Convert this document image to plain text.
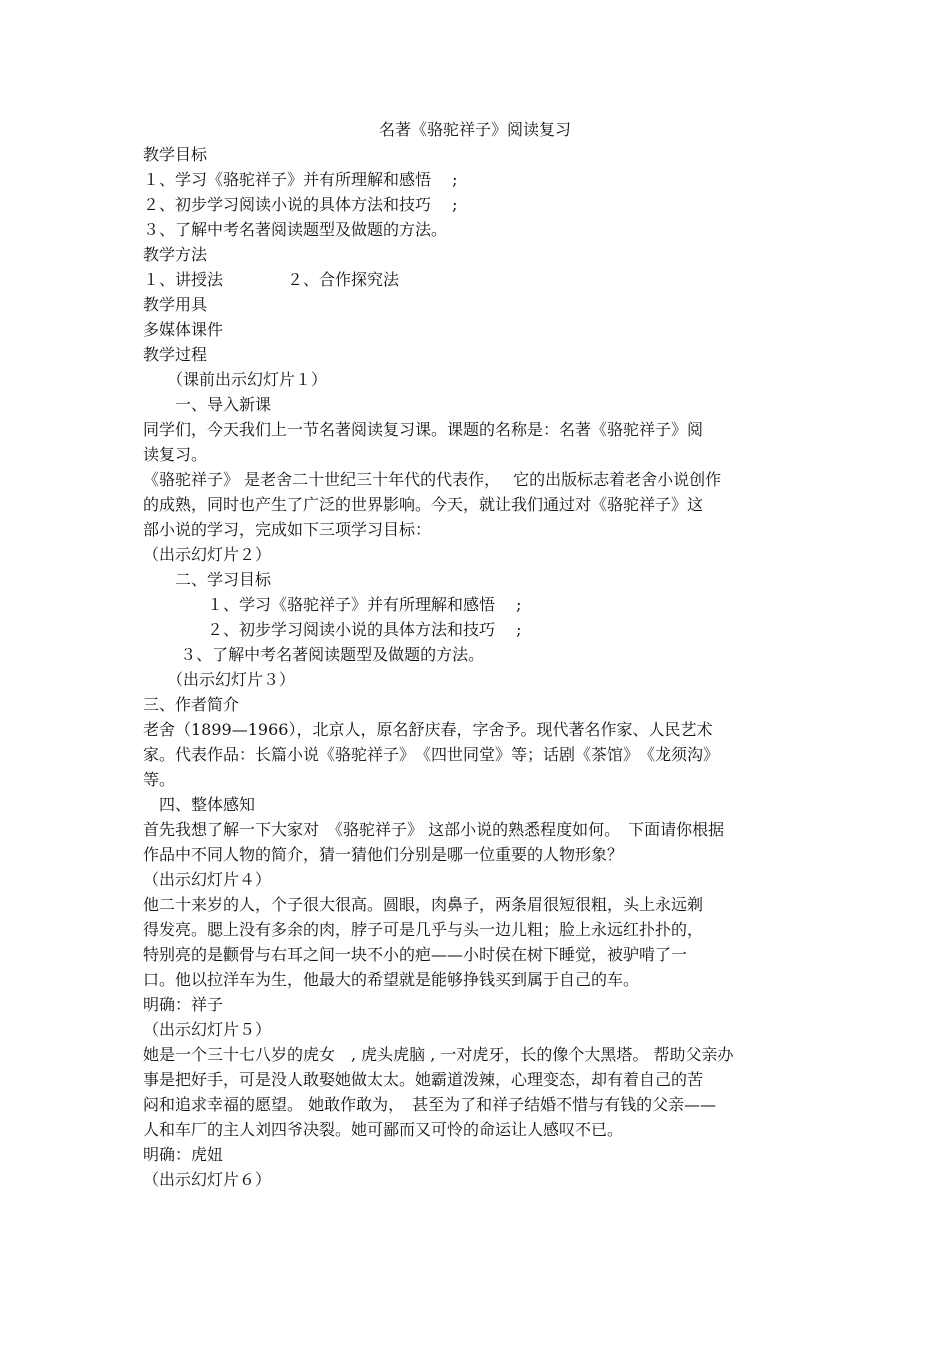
名著《骆驼祥子》阅读复习

教学目标

１、学习《骆驼祥子》并有所理解和感悟　 ;

２、初步学习阅读小说的具体方法和技巧　 ;

３、了解中考名著阅读题型及做题的方法。

教学方法

１、讲授法　　　　２、合作探究法

教学用具

多媒体课件

教学过程

　　（课前出示幻灯片１）

　　一、导入新课

同学们，今天我们上一节名著阅读复习课。课题的名称是：名著《骆驼祥子》阅

读复习。

《骆驼祥子》 是老舍二十世纪三十年代的代表作，　 它的出版标志着老舍小说创作

的成熟，同时也产生了广泛的世界影响。今天，就让我们通过对《骆驼祥子》这

部小说的学习，完成如下三项学习目标：

（出示幻灯片２）

　　二、学习目标

　　　　１、学习《骆驼祥子》并有所理解和感悟　 ;

　　　　２、初步学习阅读小说的具体方法和技巧　 ;

　　 ３、了解中考名著阅读题型及做题的方法。

　　（出示幻灯片３）

三、作者简介

老舍（1899—1966），北京人，原名舒庆春，字舍予。现代著名作家、人民艺术

家。代表作品：长篇小说《骆驼祥子》　《四世同堂》等；话剧《茶馆》　《龙须沟》

等。

　四、整体感知

首先我想了解一下大家对　《骆驼祥子》 这部小说的熟悉程度如何。　下面请你根据

作品中不同人物的简介，猜一猜他们分别是哪一位重要的人物形象？

（出示幻灯片４）

他二十来岁的人，个子很大很高。圆眼，肉鼻子，两条眉很短很粗，头上永远剃

得发亮。腮上没有多余的肉，脖子可是几乎与头一边儿粗；脸上永远红扑扑的，

特别亮的是颧骨与右耳之间一块不小的疤——小时侯在树下睡觉，被驴啃了一

口。他以拉洋车为生，他最大的希望就是能够挣钱买到属于自己的车。

明确：祥子

（出示幻灯片５）

她是一个三十七八岁的虎女　, 虎头虎脑 , 一对虎牙，长的像个大黑塔。 帮助父亲办

事是把好手，可是没人敢娶她做太太。她霸道泼辣，心理变态，却有着自己的苦

闷和追求幸福的愿望。 她敢作敢为，　甚至为了和祥子结婚不惜与有钱的父亲——

人和车厂的主人刘四爷决裂。她可鄙而又可怜的命运让人感叹不已。

明确：虎妞

（出示幻灯片６）
